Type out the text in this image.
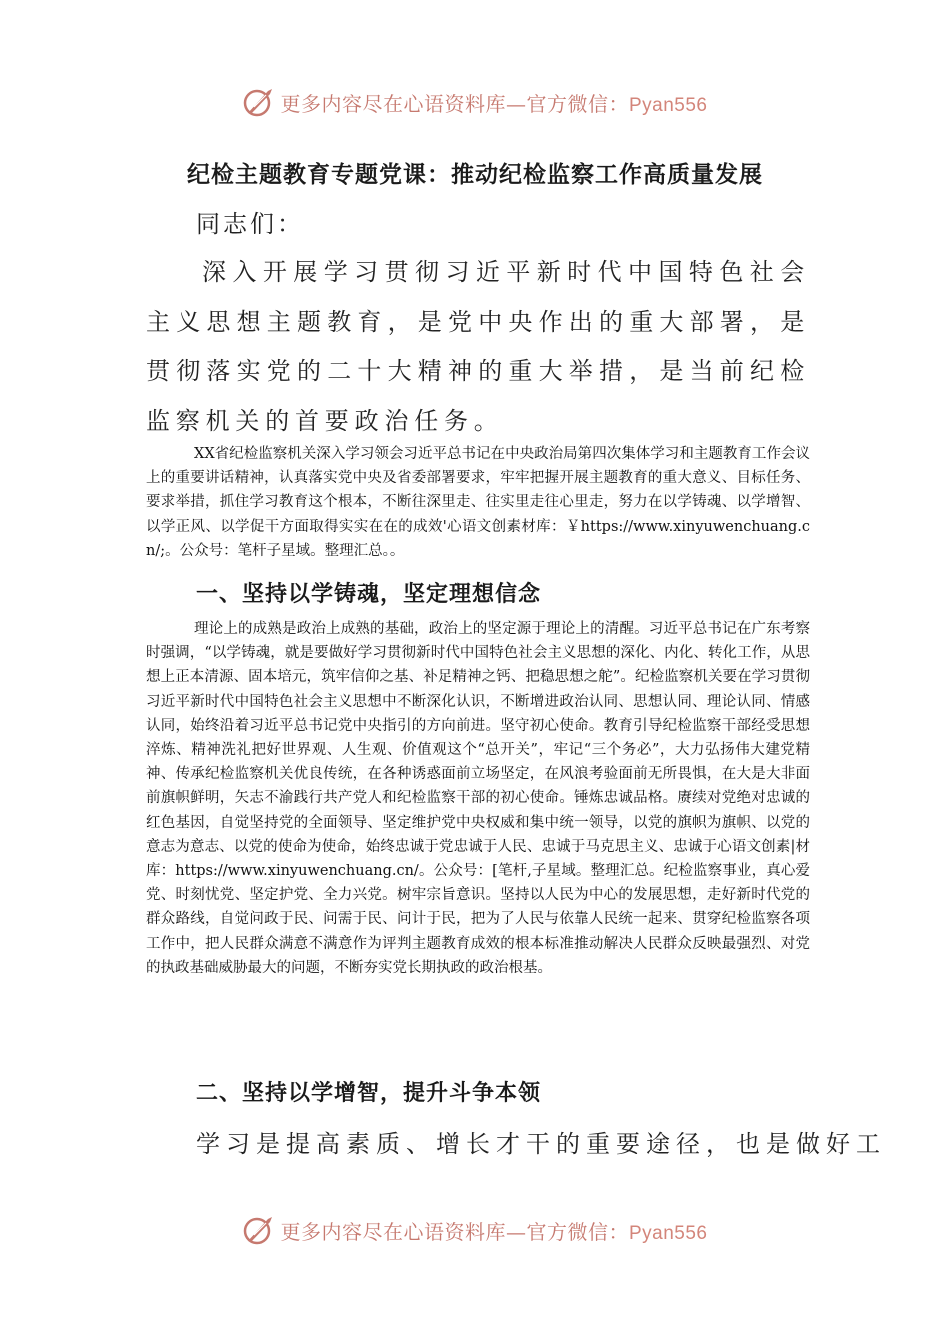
更多内容尽在心语资料库—官方微信：Pyan556
纪检主题教育专题党课：推动纪检监察工作高质量发展
同志们：

深入开展学习贯彻习近平新时代中国特色社会主义思想主题教育，是党中央作出的重大部署，是贯彻落实党的二十大精神的重大举措，是当前纪检监察机关的首要政治任务。

XX省纪检监察机关深入学习领会习近平总书记在中央政治局第四次集体学习和主题教育工作会议上的重要讲话精神，认真落实党中央及省委部署要求，牢牢把握开展主题教育的重大意义、目标任务、要求举措，抓住学习教育这个根本，不断往深里走、往实里走往心里走，努力在以学铸魂、以学增智、以学正风、以学促干方面取得实实在在的成效'心语文创素材库：￥https://www.xinyuwenchuang.cn/;。公众号：笔杆子星域。整理汇总。。

一、坚持以学铸魂，坚定理想信念

理论上的成熟是政治上成熟的基础，政治上的坚定源于理论上的清醒。习近平总书记在广东考察时强调，“以学铸魂，就是要做好学习贯彻新时代中国特色社会主义思想的深化、内化、转化工作，从思想上正本清源、固本培元，筑牢信仰之基、补足精神之钙、把稳思想之舵”。纪检监察机关要在学习贯彻习近平新时代中国特色社会主义思想中不断深化认识，不断增进政治认同、思想认同、理论认同、情感认同，始终沿着习近平总书记党中央指引的方向前进。坚守初心使命。教育引导纪检监察干部经受思想淬炼、精神洗礼把好世界观、人生观、价值观这个“总开关”，牢记“三个务必”，大力弘扬伟大建党精神、传承纪检监察机关优良传统，在各种诱惑面前立场坚定，在风浪考验面前无所畏惧，在大是大非面前旗帜鲜明，矢志不渝践行共产党人和纪检监察干部的初心使命。锤炼忠诚品格。赓续对党绝对忠诚的红色基因，自觉坚持党的全面领导、坚定维护党中央权威和集中统一领导，以党的旗帜为旗帜、以党的意志为意志、以党的使命为使命，始终忠诚于党忠诚于人民、忠诚于马克思主义、忠诚于心语文创素|材库：https://www.xinyuwenchuang.cn/。公众号：[笔杆,子星域。整理汇总。纪检监察事业，真心爱党、时刻忧党、坚定护党、全力兴党。树牢宗旨意识。坚持以人民为中心的发展思想，走好新时代党的群众路线，自觉问政于民、问需于民、问计于民，把为了人民与依靠人民统一起来、贯穿纪检监察各项工作中，把人民群众满意不满意作为评判主题教育成效的根本标准推动解决人民群众反映最强烈、对党的执政基础威胁最大的问题，不断夯实党长期执政的政治根基。

二、坚持以学增智，提升斗争本领
学习是提高素质、增长才干的重要途径，也是做好工
更多内容尽在心语资料库—官方微信：Pyan556
